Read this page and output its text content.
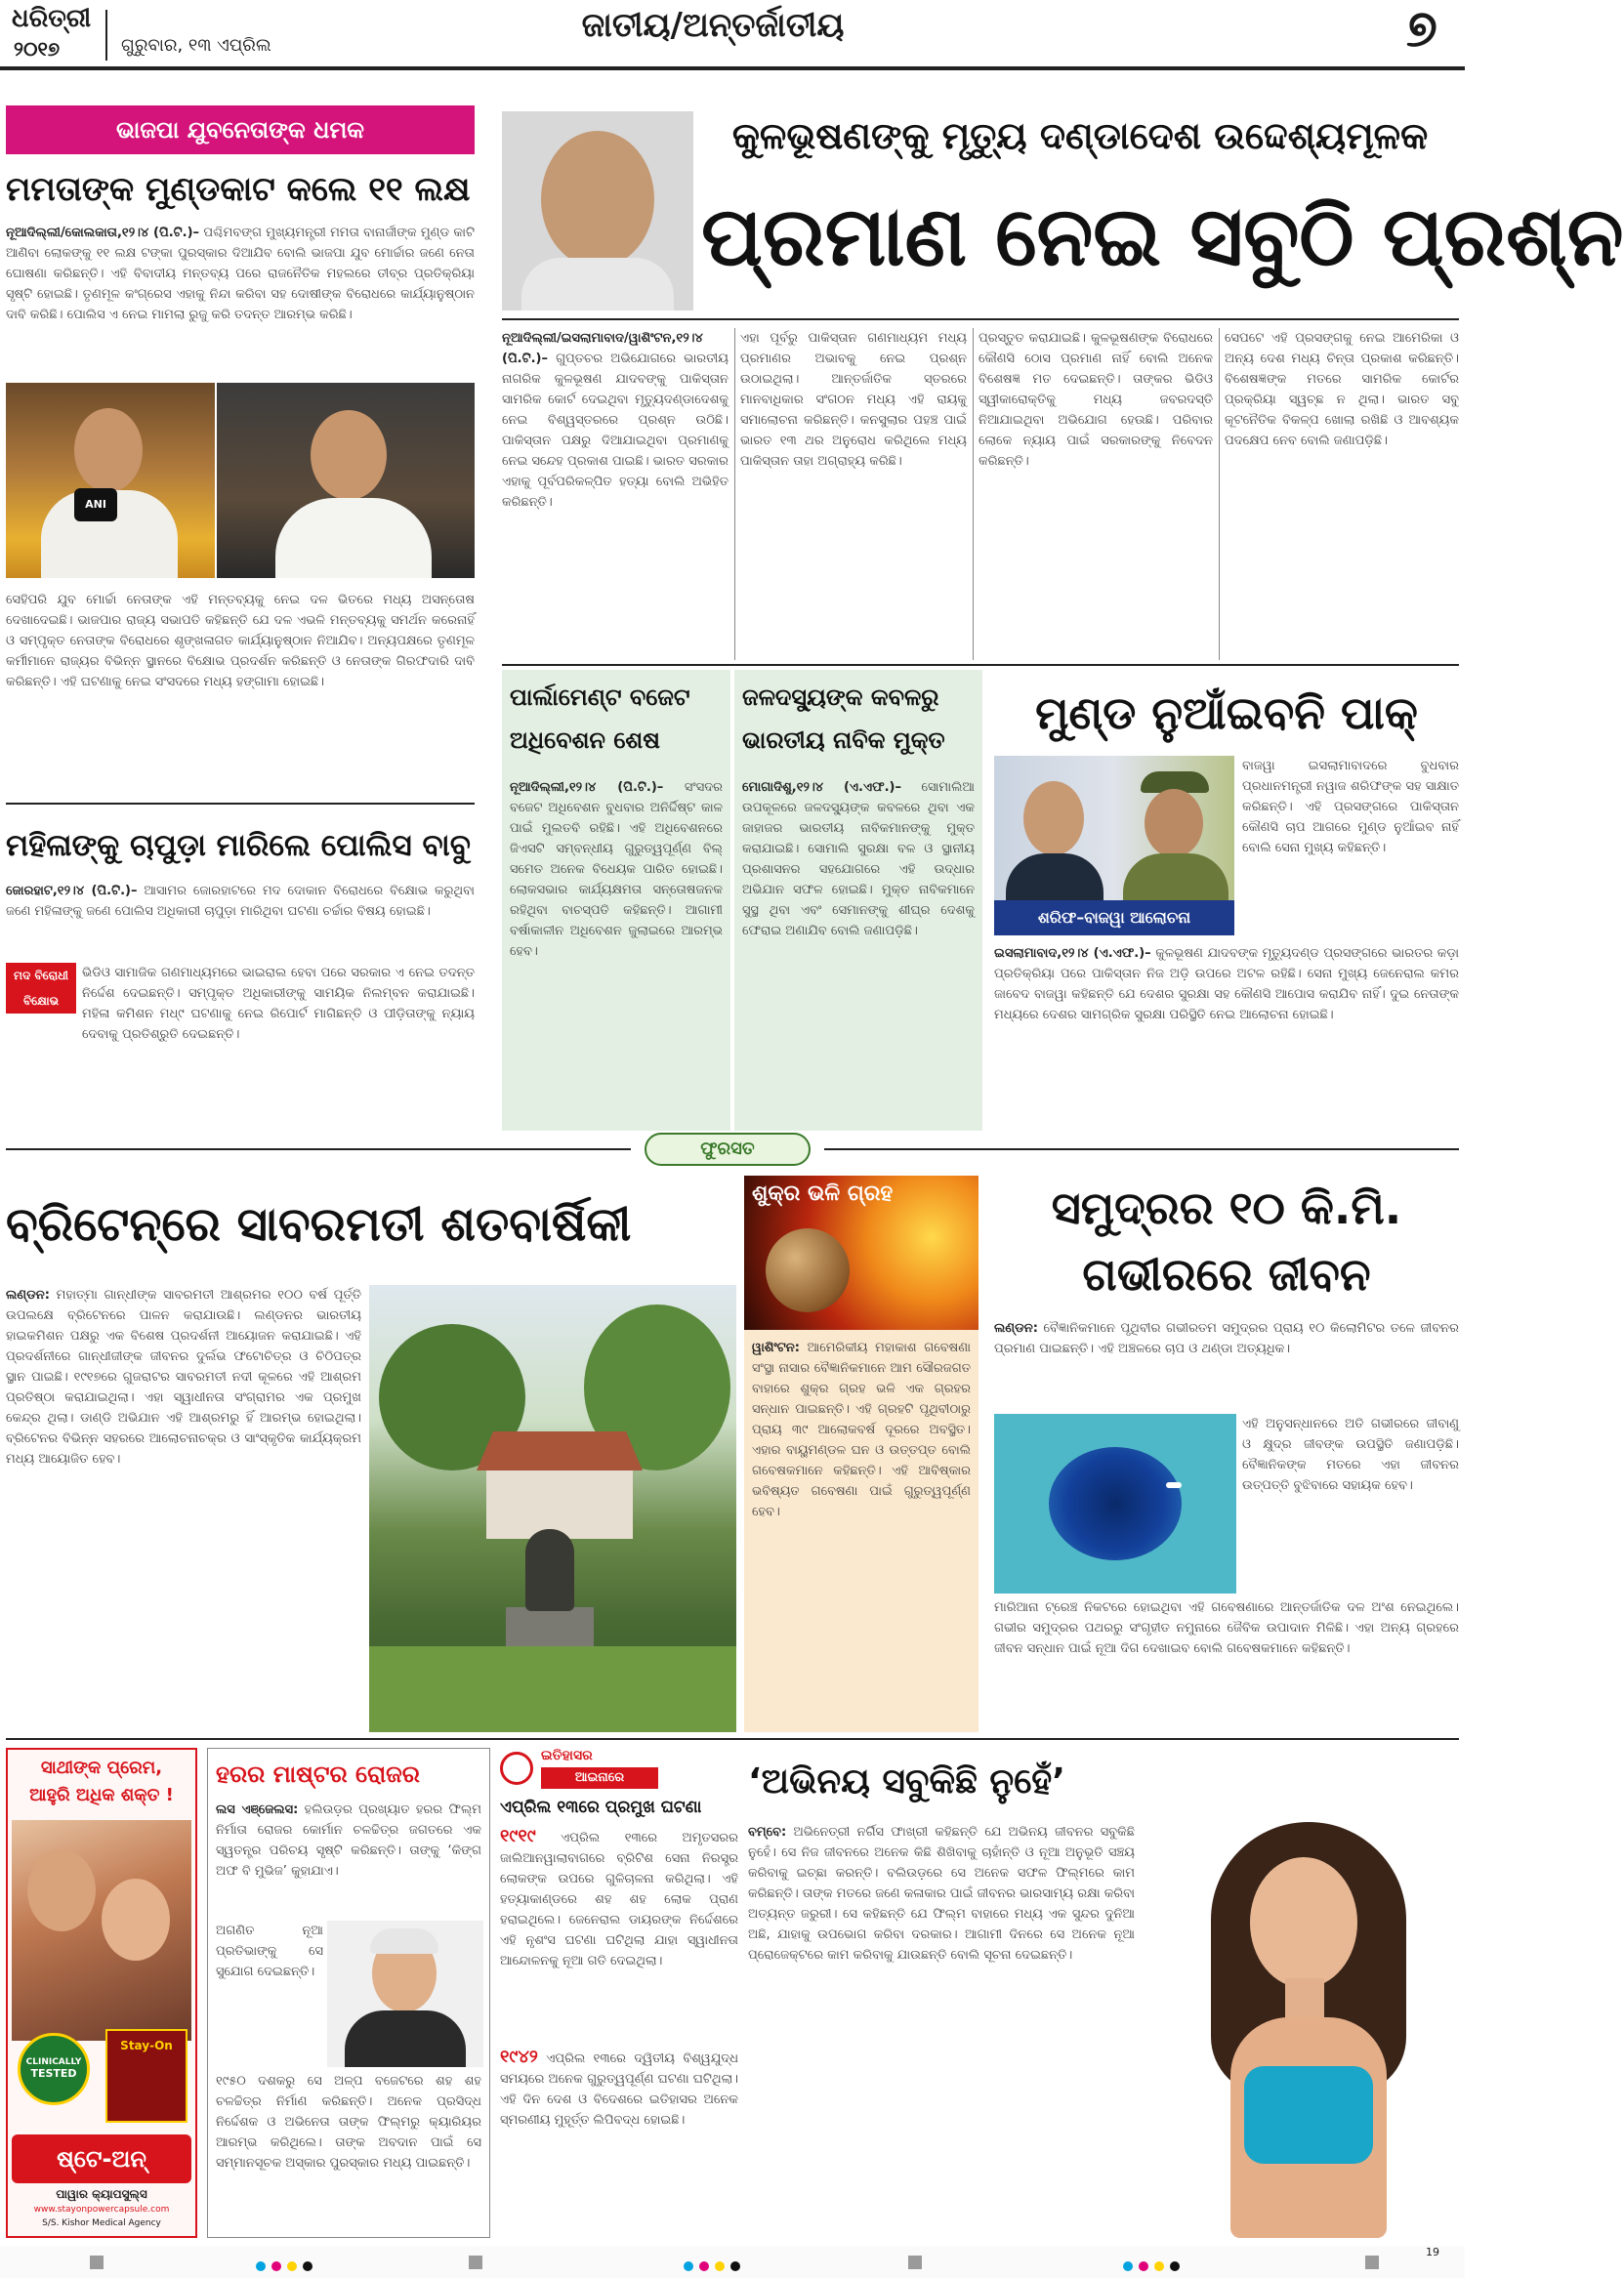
ଧରିତ୍ରୀ
୨୦୧୭	ଗୁରୁବାର, ୧୩ ଏପ୍ରିଲ
ଜାତୀୟ/ଅନ୍ତର୍ଜାତୀୟ	୭
ଭାଜପା ଯୁବନେତାଙ୍କ ଧମକ
ମମତାଙ୍କ ମୁଣ୍ଡକାଟ କଲେ ୧୧ ଲକ୍ଷ
ନୂଆଦିଲ୍ଲୀ/କୋଲକାତା,୧୨।୪ (ପି.ଟି.)– ପଶ୍ଚିମବଙ୍ଗ ମୁଖ୍ୟମନ୍ତ୍ରୀ ମମତା ବାନାର୍ଜୀଙ୍କ ମୁଣ୍ଡ କାଟି ଆଣିବା ଲୋକଙ୍କୁ ୧୧ ଲକ୍ଷ ଟଙ୍କା ପୁରସ୍କାର ଦିଆଯିବ ବୋଲି ଭାଜପା ଯୁବ ମୋର୍ଚ୍ଚାର ଜଣେ ନେତା ଘୋଷଣା କରିଛନ୍ତି। ଏହି ବିବାଦୀୟ ମନ୍ତବ୍ୟ ପରେ ରାଜନୈତିକ ମହଲରେ ତୀବ୍ର ପ୍ରତିକ୍ରିୟା ସୃଷ୍ଟି ହୋଇଛି। ତୃଣମୂଳ କଂଗ୍ରେସ ଏହାକୁ ନିନ୍ଦା କରିବା ସହ ଦୋଷୀଙ୍କ ବିରୋଧରେ କାର୍ଯ୍ୟାନୁଷ୍ଠାନ ଦାବି କରିଛି। ପୋଲିସ ଏ ନେଇ ମାମଲା ରୁଜୁ କରି ତଦନ୍ତ ଆରମ୍ଭ କରିଛି।
ANI
ସେହିପରି ଯୁବ ମୋର୍ଚ୍ଚା ନେତାଙ୍କ ଏହି ମନ୍ତବ୍ୟକୁ ନେଇ ଦଳ ଭିତରେ ମଧ୍ୟ ଅସନ୍ତୋଷ ଦେଖାଦେଇଛି। ଭାଜପାର ରାଜ୍ୟ ସଭାପତି କହିଛନ୍ତି ଯେ ଦଳ ଏଭଳି ମନ୍ତବ୍ୟକୁ ସମର୍ଥନ କରେନାହିଁ ଓ ସମ୍ପୃକ୍ତ ନେତାଙ୍କ ବିରୋଧରେ ଶୃଙ୍ଖଳାଗତ କାର୍ଯ୍ୟାନୁଷ୍ଠାନ ନିଆଯିବ। ଅନ୍ୟପକ୍ଷରେ ତୃଣମୂଳ କର୍ମୀମାନେ ରାଜ୍ୟର ବିଭିନ୍ନ ସ୍ଥାନରେ ବିକ୍ଷୋଭ ପ୍ରଦର୍ଶନ କରିଛନ୍ତି ଓ ନେତାଙ୍କ ଗିରଫଦାରି ଦାବି କରିଛନ୍ତି। ଏହି ଘଟଣାକୁ ନେଇ ସଂସଦରେ ମଧ୍ୟ ହଙ୍ଗାମା ହୋଇଛି।
ମହିଳାଙ୍କୁ ଚାପୁଡ଼ା ମାରିଲେ ପୋଲିସ ବାବୁ
ଜୋରହାଟ,୧୨।୪ (ପି.ଟି.)– ଆସାମର ଜୋରହାଟରେ ମଦ ଦୋକାନ ବିରୋଧରେ ବିକ୍ଷୋଭ କରୁଥିବା ଜଣେ ମହିଳାଙ୍କୁ ଜଣେ ପୋଲିସ ଅଧିକାରୀ ଚାପୁଡ଼ା ମାରିଥିବା ଘଟଣା ଚର୍ଚ୍ଚାର ବିଷୟ ହୋଇଛି।
ମଦ ବିରୋଧୀ ବିକ୍ଷୋଭ
ଭିଡିଓ ସାମାଜିକ ଗଣମାଧ୍ୟମରେ ଭାଇରାଲ ହେବା ପରେ ସରକାର ଏ ନେଇ ତଦନ୍ତ ନିର୍ଦ୍ଦେଶ ଦେଇଛନ୍ତି। ସମ୍ପୃକ୍ତ ଅଧିକାରୀଙ୍କୁ ସାମୟିକ ନିଲମ୍ବନ କରାଯାଇଛି। ମହିଳା କମିଶନ ମଧ୍୯ ଘଟଣାକୁ ନେଇ ରିପୋର୍ଟ ମାଗିଛନ୍ତି ଓ ପୀଡ଼ିତାଙ୍କୁ ନ୍ୟାୟ ଦେବାକୁ ପ୍ରତିଶ୍ରୁତି ଦେଇଛନ୍ତି।
କୁଳଭୂଷଣଙ୍କୁ ମୃତ୍ୟୁ ଦଣ୍ଡାଦେଶ ଉଦ୍ଦେଶ୍ୟମୂଳକ
ପ୍ରମାଣ ନେଇ ସବୁଠି ପ୍ରଶ୍ନ
ନୂଆଦିଲ୍ଲୀ/ଇସଲାମାବାଦ/ୱାଶିଂଟନ,୧୨।୪ (ପି.ଟି.)– ଗୁପ୍ତଚର ଅଭିଯୋଗରେ ଭାରତୀୟ ନାଗରିକ କୁଳଭୂଷଣ ଯାଦବଙ୍କୁ ପାକିସ୍ତାନ ସାମରିକ କୋର୍ଟ ଦେଇଥିବା ମୃତ୍ୟୁଦଣ୍ଡାଦେଶକୁ ନେଇ ବିଶ୍ୱସ୍ତରରେ ପ୍ରଶ୍ନ ଉଠିଛି। ପାକିସ୍ତାନ ପକ୍ଷରୁ ଦିଆଯାଇଥିବା ପ୍ରମାଣକୁ ନେଇ ସନ୍ଦେହ ପ୍ରକାଶ ପାଇଛି। ଭାରତ ସରକାର ଏହାକୁ ପୂର୍ବପରିକଳ୍ପିତ ହତ୍ୟା ବୋଲି ଅଭିହିତ କରିଛନ୍ତି।
ଏହା ପୂର୍ବରୁ ପାକିସ୍ତାନ ଗଣମାଧ୍ୟମ ମଧ୍ୟ ପ୍ରମାଣର ଅଭାବକୁ ନେଇ ପ୍ରଶ୍ନ ଉଠାଇଥିଲା। ଆନ୍ତର୍ଜାତିକ ସ୍ତରରେ ମାନବାଧିକାର ସଂଗଠନ ମଧ୍ୟ ଏହି ରାୟକୁ ସମାଲୋଚନା କରିଛନ୍ତି। କନସୁଲାର ପହଞ୍ଚ ପାଇଁ ଭାରତ ୧୩ ଥର ଅନୁରୋଧ କରିଥିଲେ ମଧ୍ୟ ପାକିସ୍ତାନ ତାହା ଅଗ୍ରାହ୍ୟ କରିଛି।
ପ୍ରସ୍ତୁତ କରାଯାଇଛି। କୁଳଭୂଷଣଙ୍କ ବିରୋଧରେ କୌଣସି ଠୋସ ପ୍ରମାଣ ନାହିଁ ବୋଲି ଅନେକ ବିଶେଷଜ୍ଞ ମତ ଦେଇଛନ୍ତି। ତାଙ୍କର ଭିଡିଓ ସ୍ୱୀକାରୋକ୍ତିକୁ ମଧ୍ୟ ଜବରଦସ୍ତି ନିଆଯାଇଥିବା ଅଭିଯୋଗ ହେଉଛି। ପରିବାର ଲୋକେ ନ୍ୟାୟ ପାଇଁ ସରକାରଙ୍କୁ ନିବେଦନ କରିଛନ୍ତି।
ସେପଟେ ଏହି ପ୍ରସଙ୍ଗକୁ ନେଇ ଆମେରିକା ଓ ଅନ୍ୟ ଦେଶ ମଧ୍ୟ ଚିନ୍ତା ପ୍ରକାଶ କରିଛନ୍ତି। ବିଶେଷଜ୍ଞଙ୍କ ମତରେ ସାମରିକ କୋର୍ଟର ପ୍ରକ୍ରିୟା ସ୍ୱଚ୍ଛ ନ ଥିଲା। ଭାରତ ସବୁ କୂଟନୈତିକ ବିକଳ୍ପ ଖୋଲା ରଖିଛି ଓ ଆବଶ୍ୟକ ପଦକ୍ଷେପ ନେବ ବୋଲି ଜଣାପଡ଼ିଛି।
ପାର୍ଲାମେଣ୍ଟ ବଜେଟ ଅଧିବେଶନ ଶେଷ
ନୂଆଦିଲ୍ଲୀ,୧୨।୪ (ପି.ଟି.)– ସଂସଦର ବଜେଟ ଅଧିବେଶନ ବୁଧବାର ଅନିର୍ଦ୍ଦିଷ୍ଟ କାଳ ପାଇଁ ମୁଲତବି ରହିଛି। ଏହି ଅଧିବେଶନରେ ଜିଏସଟି ସମ୍ବନ୍ଧୀୟ ଗୁରୁତ୍ୱପୂର୍ଣ୍ଣ ବିଲ୍ ସମେତ ଅନେକ ବିଧେୟକ ପାରିତ ହୋଇଛି। ଲୋକସଭାର କାର୍ଯ୍ୟକ୍ଷମତା ସନ୍ତୋଷଜନକ ରହିଥିବା ବାଚସ୍ପତି କହିଛନ୍ତି। ଆଗାମୀ ବର୍ଷାକାଳୀନ ଅଧିବେଶନ ଜୁଲାଇରେ ଆରମ୍ଭ ହେବ।
ଜଳଦସ୍ୟୁଙ୍କ କବଳରୁ ଭାରତୀୟ ନାବିକ ମୁକ୍ତ
ମୋଗାଦିଶୁ,୧୨।୪ (ଏ.ଏଫ.)– ସୋମାଲିଆ ଉପକୂଳରେ ଜଳଦସ୍ୟୁଙ୍କ କବଳରେ ଥିବା ଏକ ଜାହାଜର ଭାରତୀୟ ନାବିକମାନଙ୍କୁ ମୁକ୍ତ କରାଯାଇଛି। ସୋମାଲି ସୁରକ୍ଷା ବଳ ଓ ସ୍ଥାନୀୟ ପ୍ରଶାସନର ସହଯୋଗରେ ଏହି ଉଦ୍ଧାର ଅଭିଯାନ ସଫଳ ହୋଇଛି। ମୁକ୍ତ ନାବିକମାନେ ସୁସ୍ଥ ଥିବା ଏବଂ ସେମାନଙ୍କୁ ଶୀଘ୍ର ଦେଶକୁ ଫେରାଇ ଅଣାଯିବ ବୋଲି ଜଣାପଡ଼ିଛି।
ମୁଣ୍ଡ ନୁଆଁଇବନି ପାକ୍
ଶରିଫ–ବାଜୱା ଆଲୋଚନା
ବାଜୱା ଇସଲାମାବାଦରେ ବୁଧବାର ପ୍ରଧାନମନ୍ତ୍ରୀ ନୱାଜ ଶରିଫଙ୍କ ସହ ସାକ୍ଷାତ କରିଛନ୍ତି। ଏହି ପ୍ରସଙ୍ଗରେ ପାକିସ୍ତାନ କୌଣସି ଚାପ ଆଗରେ ମୁଣ୍ଡ ନୁଆଁଇବ ନାହିଁ ବୋଲି ସେନା ମୁଖ୍ୟ କହିଛନ୍ତି।
ଇସଲାମାବାଦ,୧୨।୪ (ଏ.ଏଫ.)– କୁଳଭୂଷଣ ଯାଦବଙ୍କ ମୃତ୍ୟୁଦଣ୍ଡ ପ୍ରସଙ୍ଗରେ ଭାରତର କଡ଼ା ପ୍ରତିକ୍ରିୟା ପରେ ପାକିସ୍ତାନ ନିଜ ଅଡ଼ି ଉପରେ ଅଟଳ ରହିଛି। ସେନା ମୁଖ୍ୟ ଜେନେରାଲ କମର ଜାବେଦ ବାଜୱା କହିଛନ୍ତି ଯେ ଦେଶର ସୁରକ୍ଷା ସହ କୌଣସି ଆପୋସ କରାଯିବ ନାହିଁ। ଦୁଇ ନେତାଙ୍କ ମଧ୍ୟରେ ଦେଶର ସାମଗ୍ରିକ ସୁରକ୍ଷା ପରିସ୍ଥିତି ନେଇ ଆଲୋଚନା ହୋଇଛି।
ଫୁରସତ
ବ୍ରିଟେନ୍‌ରେ ସାବରମତୀ ଶତବାର୍ଷିକୀ
ଲଣ୍ଡନ: ମହାତ୍ମା ଗାନ୍ଧୀଙ୍କ ସାବରମତୀ ଆଶ୍ରମର ୧୦୦ ବର୍ଷ ପୂର୍ତ୍ତି ଉପଲକ୍ଷେ ବ୍ରିଟେନରେ ପାଳନ କରାଯାଉଛି। ଲଣ୍ଡନର ଭାରତୀୟ ହାଇକମିଶନ ପକ୍ଷରୁ ଏକ ବିଶେଷ ପ୍ରଦର୍ଶନୀ ଆୟୋଜନ କରାଯାଇଛି। ଏହି ପ୍ରଦର୍ଶନୀରେ ଗାନ୍ଧୀଜୀଙ୍କ ଜୀବନର ଦୁର୍ଲଭ ଫଟୋଚିତ୍ର ଓ ଚିଠିପତ୍ର ସ୍ଥାନ ପାଇଛି। ୧୯୧୭ରେ ଗୁଜରାଟର ସାବରମତୀ ନଦୀ କୂଳରେ ଏହି ଆଶ୍ରମ ପ୍ରତିଷ୍ଠା କରାଯାଇଥିଲା। ଏହା ସ୍ୱାଧୀନତା ସଂଗ୍ରାମର ଏକ ପ୍ରମୁଖ କେନ୍ଦ୍ର ଥିଲା। ଡାଣ୍ଡି ଅଭିଯାନ ଏହି ଆଶ୍ରମରୁ ହିଁ ଆରମ୍ଭ ହୋଇଥିଲା। ବ୍ରିଟେନର ବିଭିନ୍ନ ସହରରେ ଆଲୋଚନାଚକ୍ର ଓ ସାଂସ୍କୃତିକ କାର୍ଯ୍ୟକ୍ରମ ମଧ୍ୟ ଆୟୋଜିତ ହେବ।
ଶୁକ୍ର ଭଳି ଗ୍ରହ
ୱାଶିଂଟନ: ଆମେରିକୀୟ ମହାକାଶ ଗବେଷଣା ସଂସ୍ଥା ନାସାର ବୈଜ୍ଞାନିକମାନେ ଆମ ସୌରଜଗତ ବାହାରେ ଶୁକ୍ର ଗ୍ରହ ଭଳି ଏକ ଗ୍ରହର ସନ୍ଧାନ ପାଇଛନ୍ତି। ଏହି ଗ୍ରହଟି ପୃଥିବୀଠାରୁ ପ୍ରାୟ ୩୯ ଆଲୋକବର୍ଷ ଦୂରରେ ଅବସ୍ଥିତ। ଏହାର ବାୟୁମଣ୍ଡଳ ଘନ ଓ ଉତ୍ତପ୍ତ ବୋଲି ଗବେଷକମାନେ କହିଛନ୍ତି। ଏହି ଆବିଷ୍କାର ଭବିଷ୍ୟତ ଗବେଷଣା ପାଇଁ ଗୁରୁତ୍ୱପୂର୍ଣ୍ଣ ହେବ।
ସମୁଦ୍ରର ୧୦ କି.ମି.
ଗଭୀରରେ ଜୀବନ
ଲଣ୍ଡନ: ବୈଜ୍ଞାନିକମାନେ ପୃଥିବୀର ଗଭୀରତମ ସମୁଦ୍ରର ପ୍ରାୟ ୧୦ କିଲୋମିଟର ତଳେ ଜୀବନର ପ୍ରମାଣ ପାଇଛନ୍ତି। ଏହି ଅଞ୍ଚଳରେ ଚାପ ଓ ଥଣ୍ଡା ଅତ୍ୟଧିକ।
ଏହି ଅନୁସନ୍ଧାନରେ ଅତି ଗଭୀରରେ ଜୀବାଣୁ ଓ କ୍ଷୁଦ୍ର ଜୀବଙ୍କ ଉପସ୍ଥିତି ଜଣାପଡ଼ିଛି। ବୈଜ୍ଞାନିକଙ୍କ ମତରେ ଏହା ଜୀବନର ଉତ୍ପତ୍ତି ବୁଝିବାରେ ସହାୟକ ହେବ।
ମାରିଆନା ଟ୍ରେଞ୍ଚ ନିକଟରେ ହୋଇଥିବା ଏହି ଗବେଷଣାରେ ଆନ୍ତର୍ଜାତିକ ଦଳ ଅଂଶ ନେଇଥିଲେ। ଗଭୀର ସମୁଦ୍ରର ପଥରରୁ ସଂଗୃହୀତ ନମୁନାରେ ଜୈବିକ ଉପାଦାନ ମିଳିଛି। ଏହା ଅନ୍ୟ ଗ୍ରହରେ ଜୀବନ ସନ୍ଧାନ ପାଇଁ ନୂଆ ଦିଗ ଦେଖାଇବ ବୋଲି ଗବେଷକମାନେ କହିଛନ୍ତି।
ସାଥୀଙ୍କ ପ୍ରେମ,
ଆହୁରି ଅଧିକ ଶକ୍ତ !
CLINICALLY
TESTED
Stay-On
ଷ୍ଟେ-ଅନ୍
ପାୱାର କ୍ୟାପସୁଲ୍‌ସ
www.stayonpowercapsule.com
S/S. Kishor Medical Agency
ହରର ମାଷ୍ଟର ରୋଜର
ଲସ ଏଞ୍ଜେଲସ: ହଲିଉଡ଼ର ପ୍ରଖ୍ୟାତ ହରର ଫିଲ୍ମ ନିର୍ମାତା ରୋଜର କୋର୍ମାନ ଚଳଚ୍ଚିତ୍ର ଜଗତରେ ଏକ ସ୍ୱତନ୍ତ୍ର ପରିଚୟ ସୃଷ୍ଟି କରିଛନ୍ତି। ତାଙ୍କୁ ‘କିଙ୍ଗ ଅଫ ବି ମୁଭିଜ’ କୁହାଯାଏ।
ଅଗଣିତ ନୂଆ ପ୍ରତିଭାଙ୍କୁ ସେ ସୁଯୋଗ ଦେଇଛନ୍ତି।
୧୯୫୦ ଦଶକରୁ ସେ ଅଳ୍ପ ବଜେଟରେ ଶହ ଶହ ଚଳଚ୍ଚିତ୍ର ନିର୍ମାଣ କରିଛନ୍ତି। ଅନେକ ପ୍ରସିଦ୍ଧ ନିର୍ଦ୍ଦେଶକ ଓ ଅଭିନେତା ତାଙ୍କ ଫିଲ୍ମରୁ କ୍ୟାରିୟର ଆରମ୍ଭ କରିଥିଲେ। ତାଙ୍କ ଅବଦାନ ପାଇଁ ସେ ସମ୍ମାନସୂଚକ ଅସ୍କାର ପୁରସ୍କାର ମଧ୍ୟ ପାଇଛନ୍ତି।
ଇତିହାସର
ଆଇନାରେ
ଏପ୍ରିଲ ୧୩ରେ ପ୍ରମୁଖ ଘଟଣା
୧୯୧୯ ଏପ୍ରିଲ ୧୩ରେ ଅମୃତସରର ଜାଲିଆନୱାଲାବାଗରେ ବ୍ରିଟିଶ ସେନା ନିରସ୍ତ୍ର ଲୋକଙ୍କ ଉପରେ ଗୁଳିଚାଳନା କରିଥିଲା। ଏହି ହତ୍ୟାକାଣ୍ଡରେ ଶହ ଶହ ଲୋକ ପ୍ରାଣ ହରାଇଥିଲେ। ଜେନେରାଲ ଡାୟରଙ୍କ ନିର୍ଦ୍ଦେଶରେ ଏହି ନୃଶଂସ ଘଟଣା ଘଟିଥିଲା ଯାହା ସ୍ୱାଧୀନତା ଆନ୍ଦୋଳନକୁ ନୂଆ ଗତି ଦେଇଥିଲା।
୧୯୪୨ ଏପ୍ରିଲ ୧୩ରେ ଦ୍ୱିତୀୟ ବିଶ୍ୱଯୁଦ୍ଧ ସମୟରେ ଅନେକ ଗୁରୁତ୍ୱପୂର୍ଣ୍ଣ ଘଟଣା ଘଟିଥିଲା। ଏହି ଦିନ ଦେଶ ଓ ବିଦେଶରେ ଇତିହାସର ଅନେକ ସ୍ମରଣୀୟ ମୁହୂର୍ତ୍ତ ଲିପିବଦ୍ଧ ହୋଇଛି।
‘ଅଭିନୟ ସବୁକିଛି ନୁହେଁ’
ବମ୍ବେ: ଅଭିନେତ୍ରୀ ନର୍ଗିସ ଫାଖ୍ରୀ କହିଛନ୍ତି ଯେ ଅଭିନୟ ଜୀବନର ସବୁକିଛି ନୁହେଁ। ସେ ନିଜ ଜୀବନରେ ଅନେକ କିଛି ଶିଖିବାକୁ ଚାହାଁନ୍ତି ଓ ନୂଆ ଅନୁଭୂତି ସଞ୍ଚୟ କରିବାକୁ ଇଚ୍ଛା କରନ୍ତି। ବଲିଉଡ଼ରେ ସେ ଅନେକ ସଫଳ ଫିଲ୍ମରେ କାମ କରିଛନ୍ତି। ତାଙ୍କ ମତରେ ଜଣେ କଳାକାର ପାଇଁ ଜୀବନର ଭାରସାମ୍ୟ ରକ୍ଷା କରିବା ଅତ୍ୟନ୍ତ ଜରୁରୀ। ସେ କହିଛନ୍ତି ଯେ ଫିଲ୍ମ ବାହାରେ ମଧ୍ୟ ଏକ ସୁନ୍ଦର ଦୁନିଆ ଅଛି, ଯାହାକୁ ଉପଭୋଗ କରିବା ଦରକାର। ଆଗାମୀ ଦିନରେ ସେ ଅନେକ ନୂଆ ପ୍ରୋଜେକ୍ଟରେ କାମ କରିବାକୁ ଯାଉଛନ୍ତି ବୋଲି ସୂଚନା ଦେଇଛନ୍ତି।
19
